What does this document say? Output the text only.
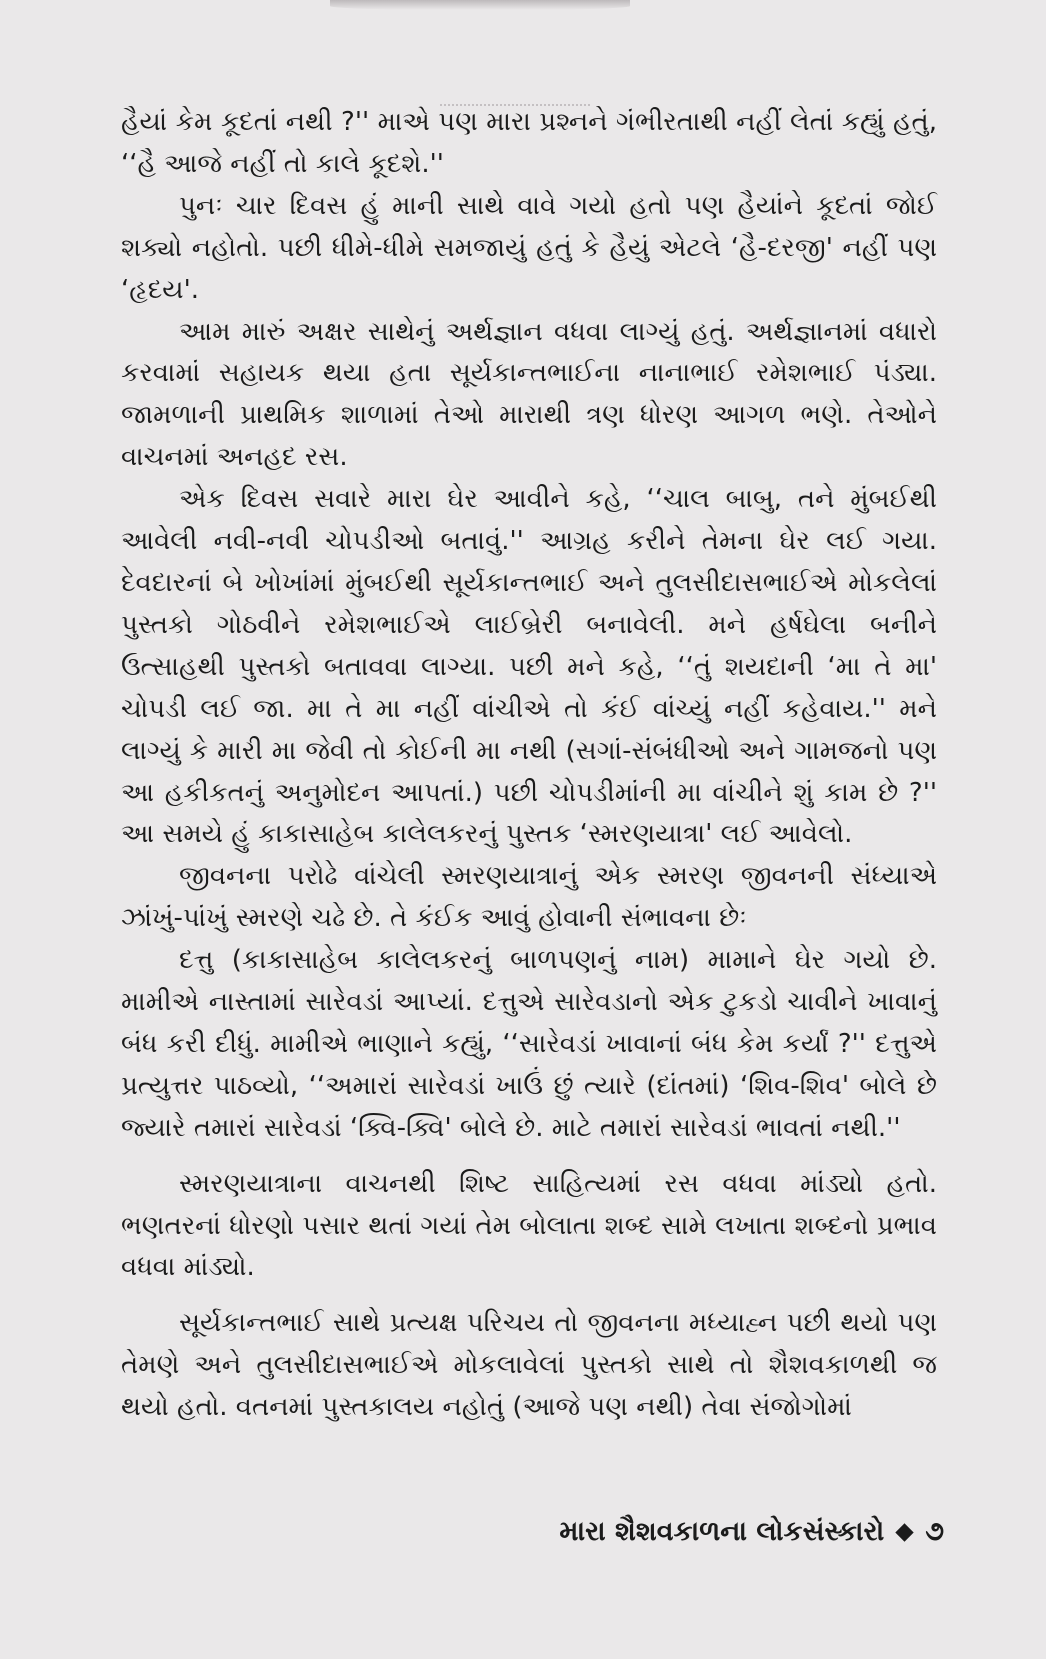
હૈયાં કેમ કૂદતાં નથી ?'' માએ પણ મારા પ્રશ્નને ગંભીરતાથી નહીં લેતાં કહ્યું હતું, ‘‘હૈ આજે નહીં તો કાલે કૂદશે.''

પુનઃ ચાર દિવસ હું માની સાથે વાવે ગયો હતો પણ હૈયાંને કૂદતાં જોઈ શક્યો નહોતો. પછી ધીમે-ધીમે સમજાયું હતું કે હૈયું એટલે ‘હૈ-દરજી' નહીં પણ ‘હૃદય'.

આમ મારું અક્ષર સાથેનું અર્થજ્ઞાન વધવા લાગ્યું હતું. અર્થજ્ઞાનમાં વધારો કરવામાં સહાયક થયા હતા સૂર્યકાન્તભાઈના નાનાભાઈ રમેશભાઈ પંડ્યા. જામળાની પ્રાથમિક શાળામાં તેઓ મારાથી ત્રણ ધોરણ આગળ ભણે. તેઓને વાચનમાં અનહદ રસ.

એક દિવસ સવારે મારા ઘેર આવીને કહે, ‘‘ચાલ બાબુ, તને મુંબઈથી આવેલી નવી-નવી ચોપડીઓ બતાવું.'' આગ્રહ કરીને તેમના ઘેર લઈ ગયા. દેવદારનાં બે ખોખાંમાં મુંબઈથી સૂર્યકાન્તભાઈ અને તુલસીદાસભાઈએ મોકલેલાં પુસ્તકો ગોઠવીને રમેશભાઈએ લાઈબ્રેરી બનાવેલી. મને હર્ષઘેલા બનીને ઉત્સાહથી પુસ્તકો બતાવવા લાગ્યા. પછી મને કહે, ‘‘તું શયદાની ‘મા તે મા' ચોપડી લઈ જા. મા તે મા નહીં વાંચીએ તો કંઈ વાંચ્યું નહીં કહેવાય.'' મને લાગ્યું કે મારી મા જેવી તો કોઈની મા નથી (સગાં-સંબંધીઓ અને ગામજનો પણ આ હકીકતનું અનુમોદન આપતાં.) પછી ચોપડીમાંની મા વાંચીને શું કામ છે ?'' આ સમયે હું કાકાસાહેબ કાલેલકરનું પુસ્તક ‘સ્મરણયાત્રા' લઈ આવેલો.

જીવનના પરોઢે વાંચેલી સ્મરણયાત્રાનું એક સ્મરણ જીવનની સંધ્યાએ ઝાંખું-પાંખું સ્મરણે ચઢે છે. તે કંઈક આવું હોવાની સંભાવના છેઃ

દત્તુ (કાકાસાહેબ કાલેલકરનું બાળપણનું નામ) મામાને ઘેર ગયો છે. મામીએ નાસ્તામાં સારેવડાં આપ્યાં. દત્તુએ સારેવડાનો એક ટુકડો ચાવીને ખાવાનું બંધ કરી દીધું. મામીએ ભાણાને કહ્યું, ‘‘સારેવડાં ખાવાનાં બંધ કેમ કર્યાં ?'' દત્તુએ પ્રત્યુત્તર પાઠવ્યો, ‘‘અમારાં સારેવડાં ખાઉં છું ત્યારે (દાંતમાં) ‘શિવ-શિવ' બોલે છે જ્યારે તમારાં સારેવડાં ‘ક્વિ-ક્વિ' બોલે છે. માટે તમારાં સારેવડાં ભાવતાં નથી.''

સ્મરણયાત્રાના વાચનથી શિષ્ટ સાહિત્યમાં રસ વધવા માંડ્યો હતો. ભણતરનાં ધોરણો પસાર થતાં ગયાં તેમ બોલાતા શબ્દ સામે લખાતા શબ્દનો પ્રભાવ વધવા માંડ્યો.

સૂર્યકાન્તભાઈ સાથે પ્રત્યક્ષ પરિચય તો જીવનના મધ્યાહ્ન પછી થયો પણ તેમણે અને તુલસીદાસભાઈએ મોકલાવેલાં પુસ્તકો સાથે તો શૈશવકાળથી જ થયો હતો. વતનમાં પુસ્તકાલય નહોતું (આજે પણ નથી) તેવા સંજોગોમાં

મારા શૈશવકાળના લોકસંસ્કારો ૭
